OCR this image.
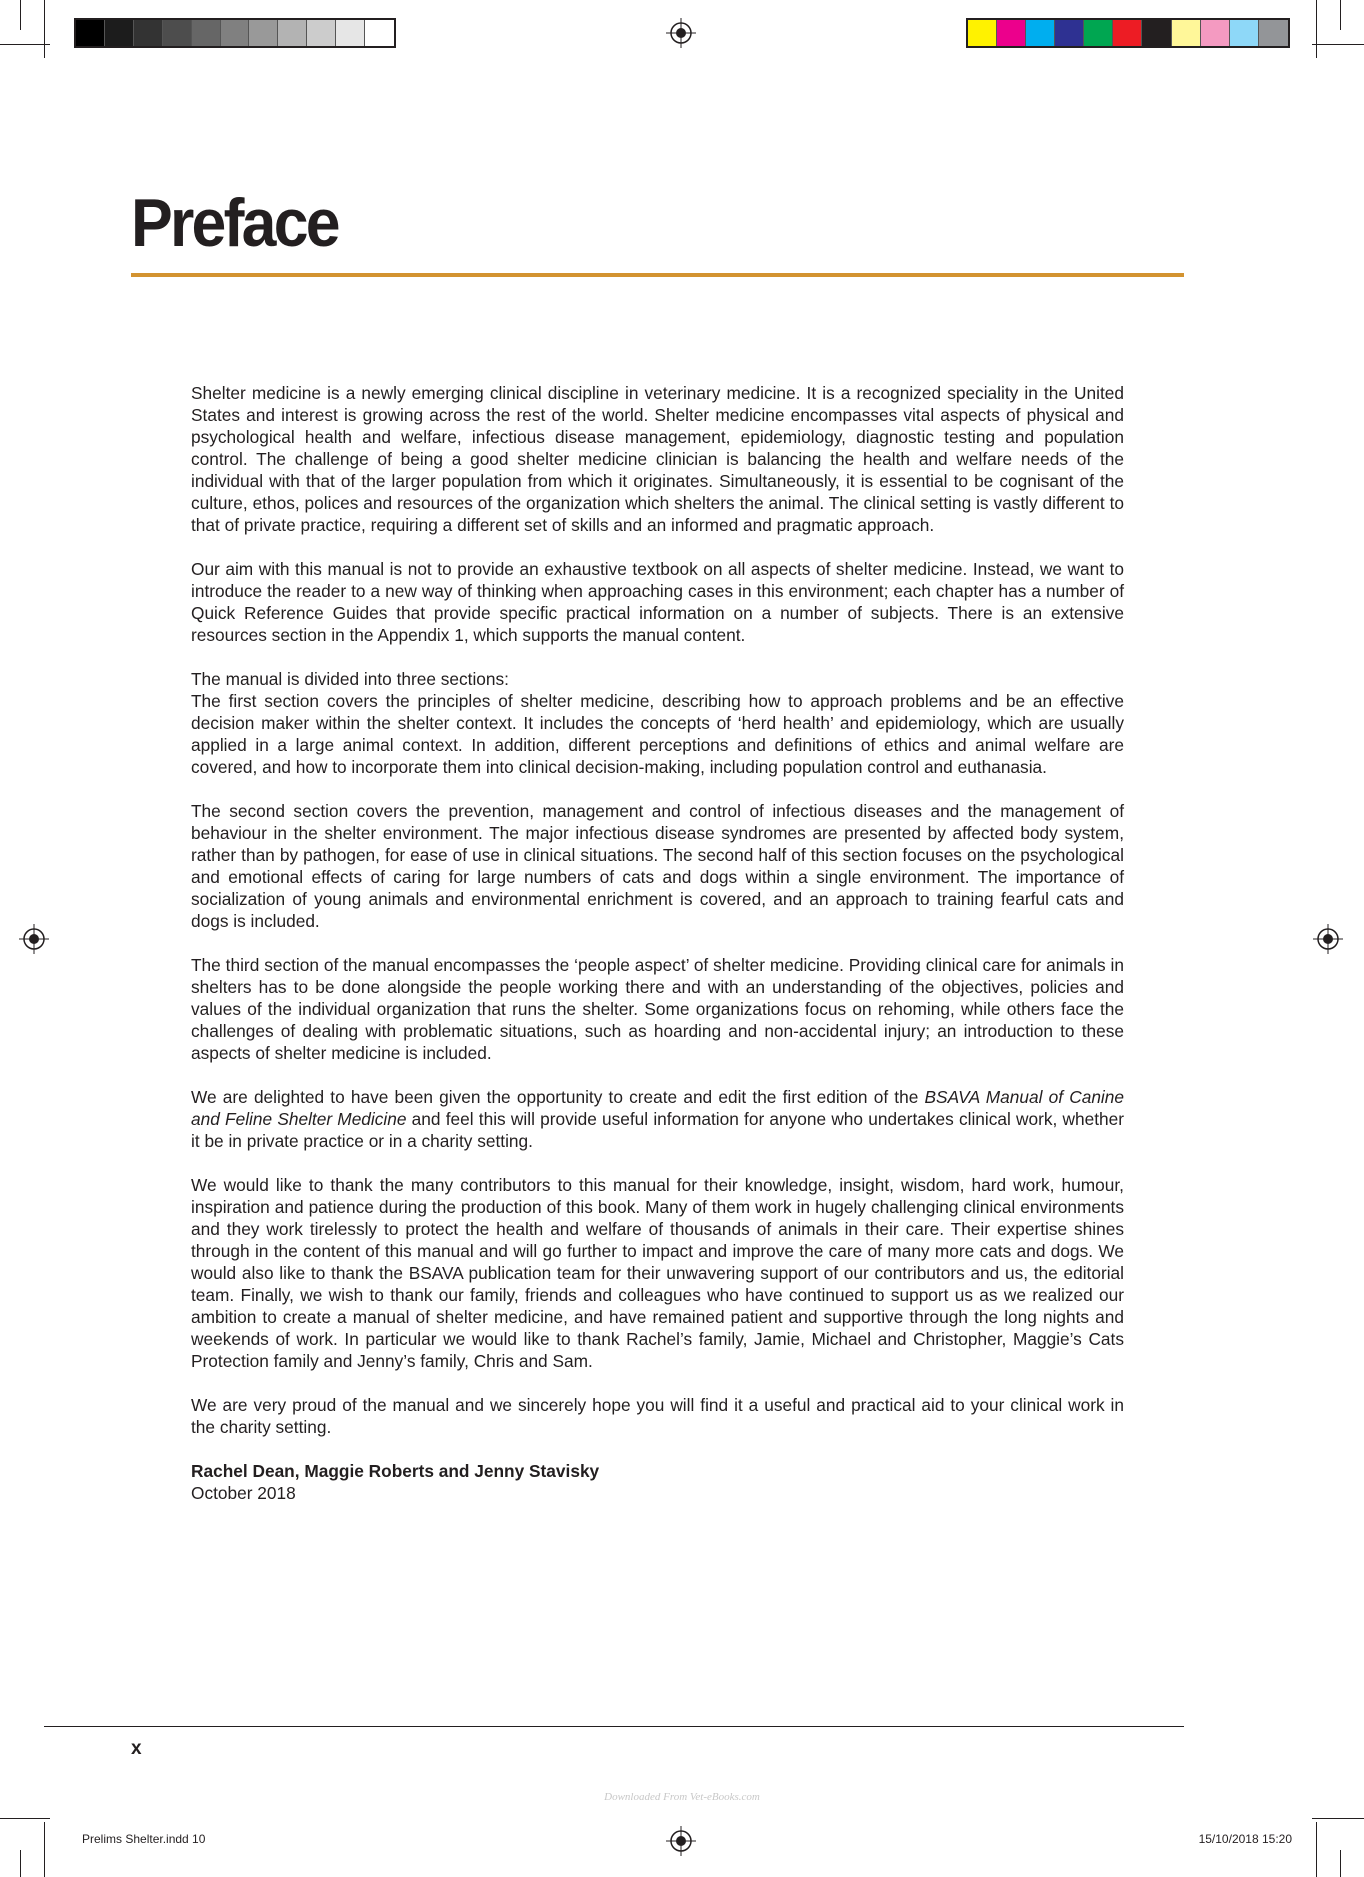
Preface

Shelter medicine is a newly emerging clinical discipline in veterinary medicine. It is a recognized speciality in the United States and interest is growing across the rest of the world. Shelter medicine encompasses vital aspects of physical and psychological health and welfare, infectious disease management, epidemiology, diagnostic testing and population control. The challenge of being a good shelter medicine clinician is balancing the health and welfare needs of the individual with that of the larger population from which it originates. Simultaneously, it is essential to be cognisant of the culture, ethos, polices and resources of the organization which shelters the animal. The clinical setting is vastly different to that of private practice, requiring a different set of skills and an informed and pragmatic approach.

Our aim with this manual is not to provide an exhaustive textbook on all aspects of shelter medicine. Instead, we want to introduce the reader to a new way of thinking when approaching cases in this environment; each chapter has a number of Quick Reference Guides that provide specific practical information on a number of subjects. There is an extensive resources section in the Appendix 1, which supports the manual content.

The manual is divided into three sections:

The first section covers the principles of shelter medicine, describing how to approach problems and be an effective decision maker within the shelter context. It includes the concepts of ‘herd health’ and epidemiology, which are usually applied in a large animal context. In addition, different perceptions and definitions of ethics and animal welfare are covered, and how to incorporate them into clinical decision-making, including population control and euthanasia.

The second section covers the prevention, management and control of infectious diseases and the management of behaviour in the shelter environment. The major infectious disease syndromes are presented by affected body system, rather than by pathogen, for ease of use in clinical situations. The second half of this section focuses on the psychological and emotional effects of caring for large numbers of cats and dogs within a single environment. The importance of socialization of young animals and environmental enrichment is covered, and an approach to training fearful cats and dogs is included.

The third section of the manual encompasses the ‘people aspect’ of shelter medicine. Providing clinical care for animals in shelters has to be done alongside the people working there and with an understanding of the objectives, policies and values of the individual organization that runs the shelter. Some organizations focus on rehoming, while others face the challenges of dealing with problematic situations, such as hoarding and non-accidental injury; an introduction to these aspects of shelter medicine is included.

We are delighted to have been given the opportunity to create and edit the first edition of the BSAVA Manual of Canine and Feline Shelter Medicine and feel this will provide useful information for anyone who undertakes clinical work, whether it be in private practice or in a charity setting.

We would like to thank the many contributors to this manual for their knowledge, insight, wisdom, hard work, humour, inspiration and patience during the production of this book. Many of them work in hugely challenging clinical environments and they work tirelessly to protect the health and welfare of thousands of animals in their care. Their expertise shines through in the content of this manual and will go further to impact and improve the care of many more cats and dogs. We would also like to thank the BSAVA publication team for their unwavering support of our contributors and us, the editorial team. Finally, we wish to thank our family, friends and colleagues who have continued to support us as we realized our ambition to create a manual of shelter medicine, and have remained patient and supportive through the long nights and weekends of work. In particular we would like to thank Rachel’s family, Jamie, Michael and Christopher, Maggie’s Cats Protection family and Jenny’s family, Chris and Sam.

We are very proud of the manual and we sincerely hope you will find it a useful and practical aid to your clinical work in the charity setting.

Rachel Dean, Maggie Roberts and Jenny Stavisky

October 2018

x
Downloaded From Vet-eBooks.com
Prelims Shelter.indd 10	15/10/2018 15:20
